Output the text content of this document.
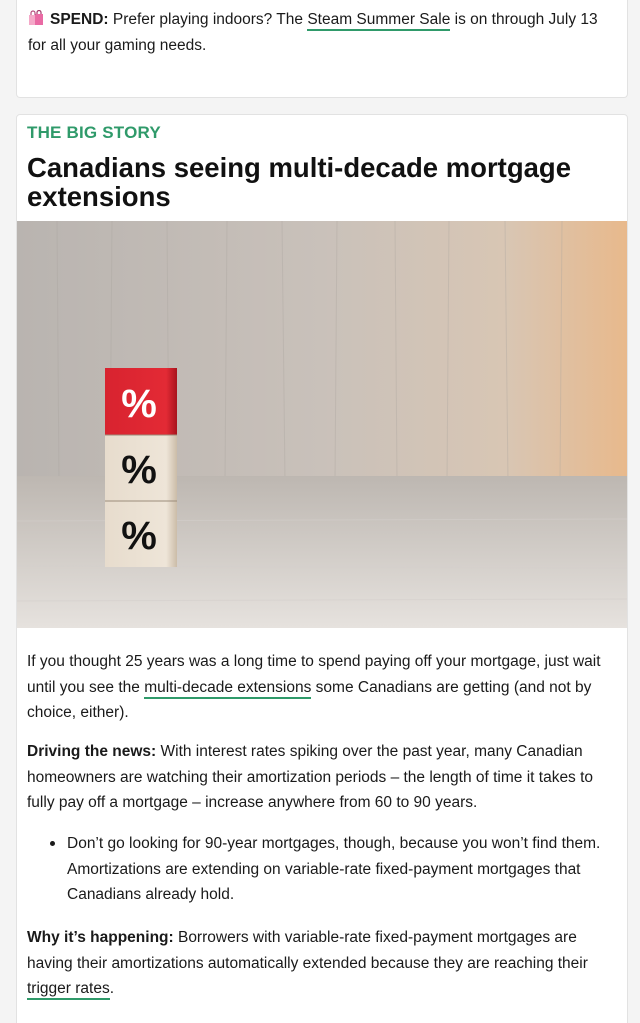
SPEND: Prefer playing indoors? The Steam Summer Sale is on through July 13 for all your gaming needs.
THE BIG STORY
Canadians seeing multi-decade mortgage extensions
%
%
%

If you thought 25 years was a long time to spend paying off your mortgage, just wait until you see the multi-decade extensions some Canadians are getting (and not by choice, either).

Driving the news: With interest rates spiking over the past year, many Canadian homeowners are watching their amortization periods – the length of time it takes to fully pay off a mortgage – increase anywhere from 60 to 90 years.

Don’t go looking for 90-year mortgages, though, because you won’t find them. Amortizations are extending on variable-rate fixed-payment mortgages that Canadians already hold.

Why it’s happening: Borrowers with variable-rate fixed-payment mortgages are having their amortizations automatically extended because they are reaching their trigger rates.
